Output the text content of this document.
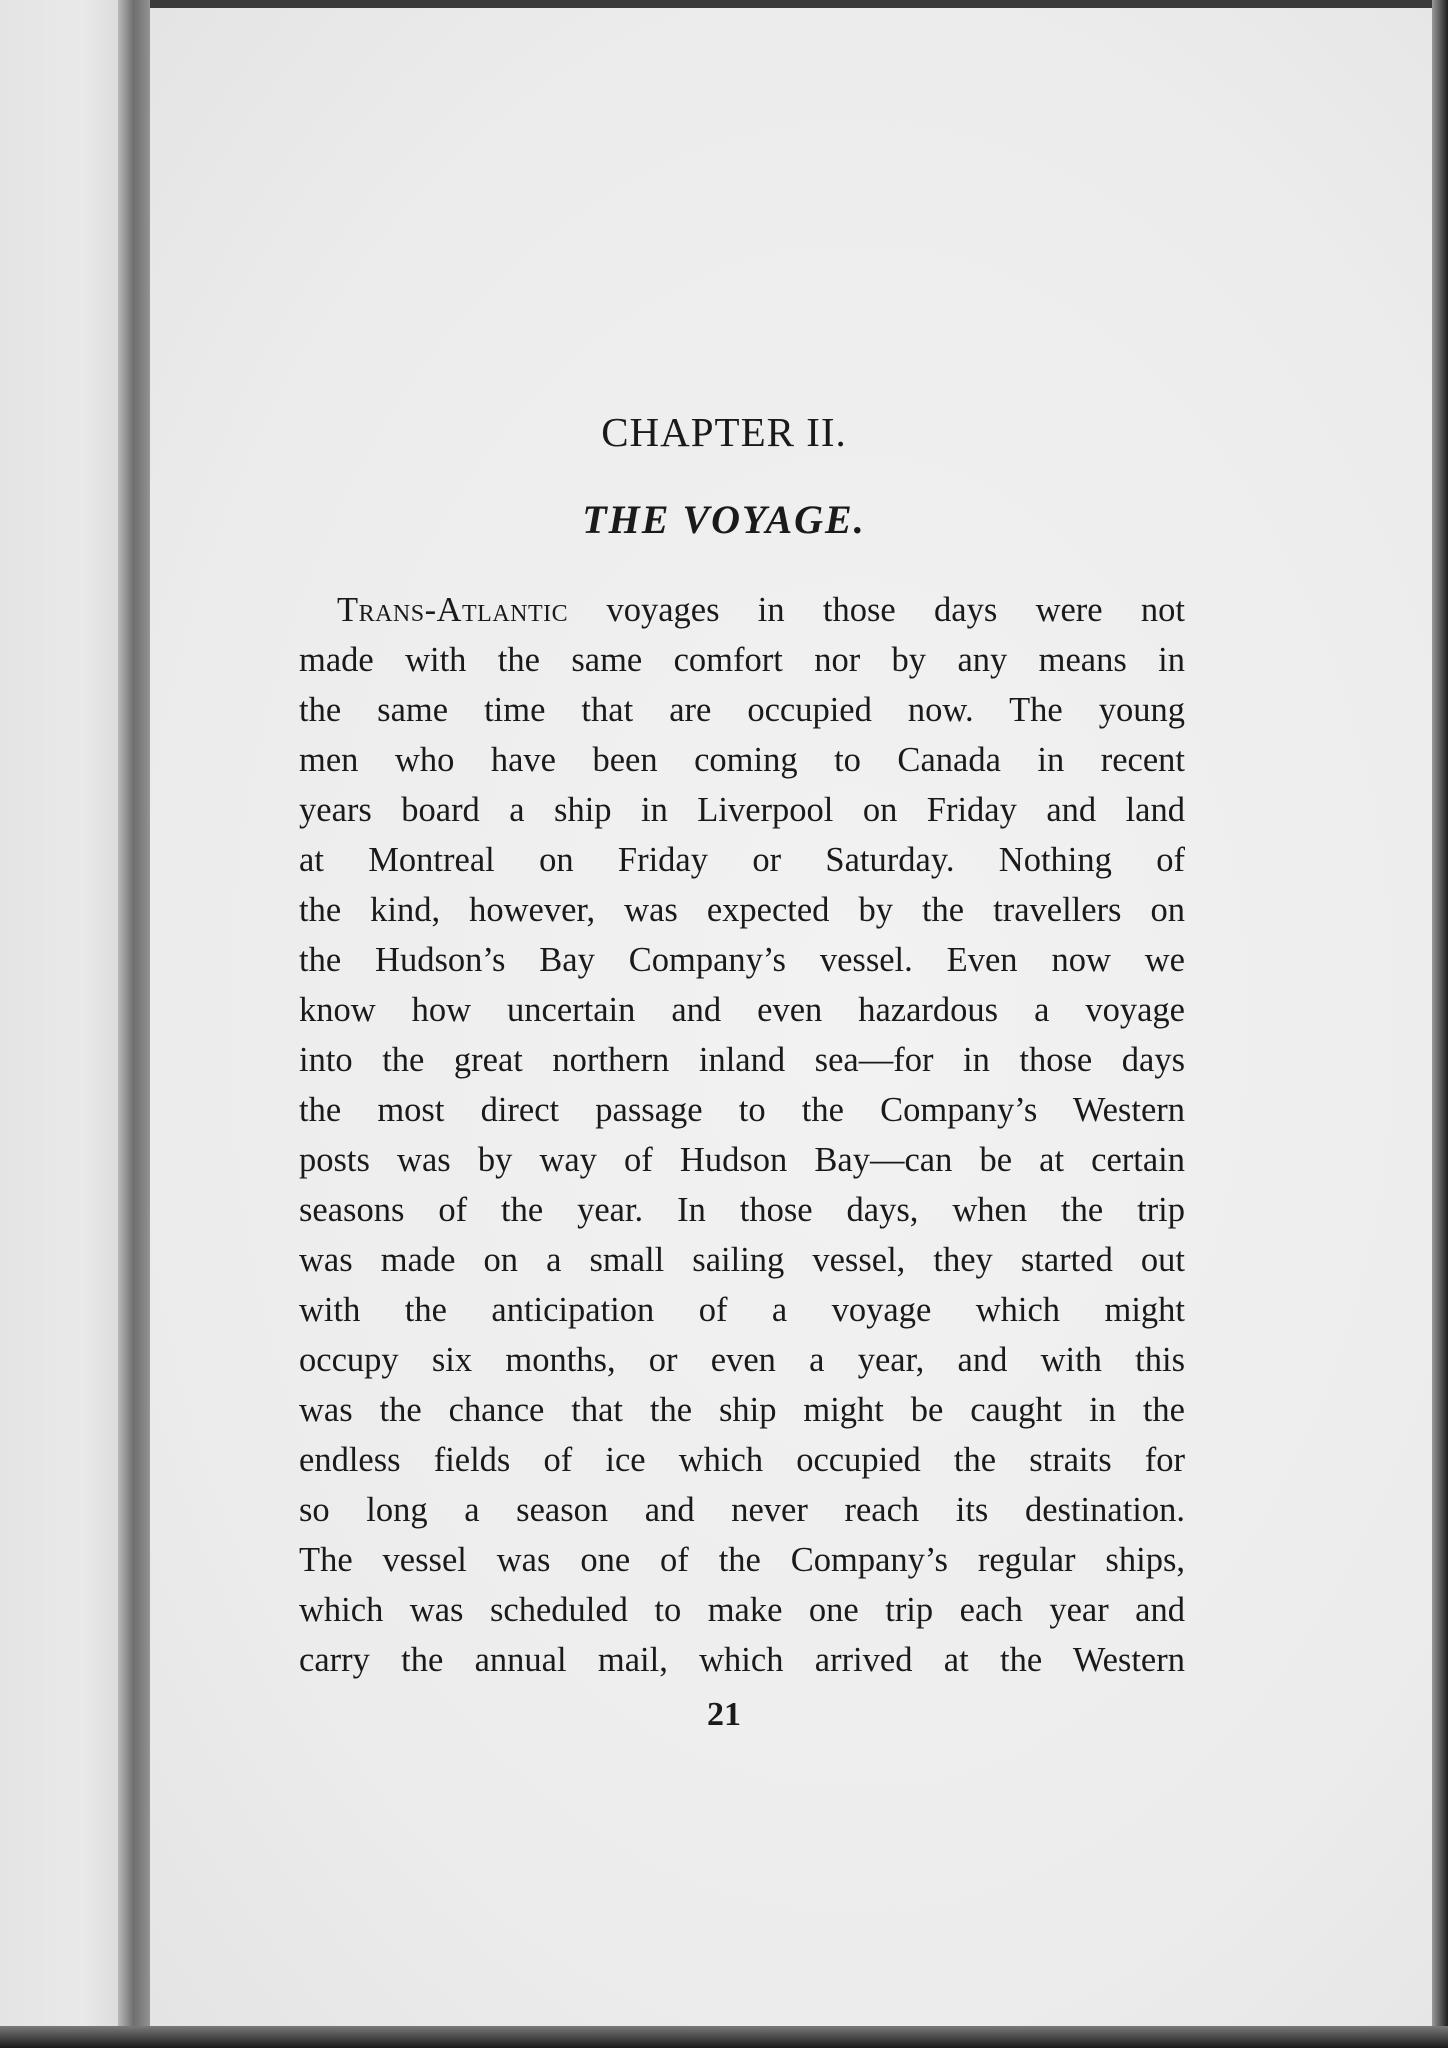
CHAPTER II.
THE VOYAGE.
Trans-Atlantic voyages in those days were not
made with the same comfort nor by any means in
the same time that are occupied now. The young
men who have been coming to Canada in recent
years board a ship in Liverpool on Friday and land
at Montreal on Friday or Saturday. Nothing of
the kind, however, was expected by the travellers on
the Hudson’s Bay Company’s vessel. Even now we
know how uncertain and even hazardous a voyage
into the great northern inland sea—for in those days
the most direct passage to the Company’s Western
posts was by way of Hudson Bay—can be at certain
seasons of the year. In those days, when the trip
was made on a small sailing vessel, they started out
with the anticipation of a voyage which might
occupy six months, or even a year, and with this
was the chance that the ship might be caught in the
endless fields of ice which occupied the straits for
so long a season and never reach its destination.
The vessel was one of the Company’s regular ships,
which was scheduled to make one trip each year and
carry the annual mail, which arrived at the Western
21
